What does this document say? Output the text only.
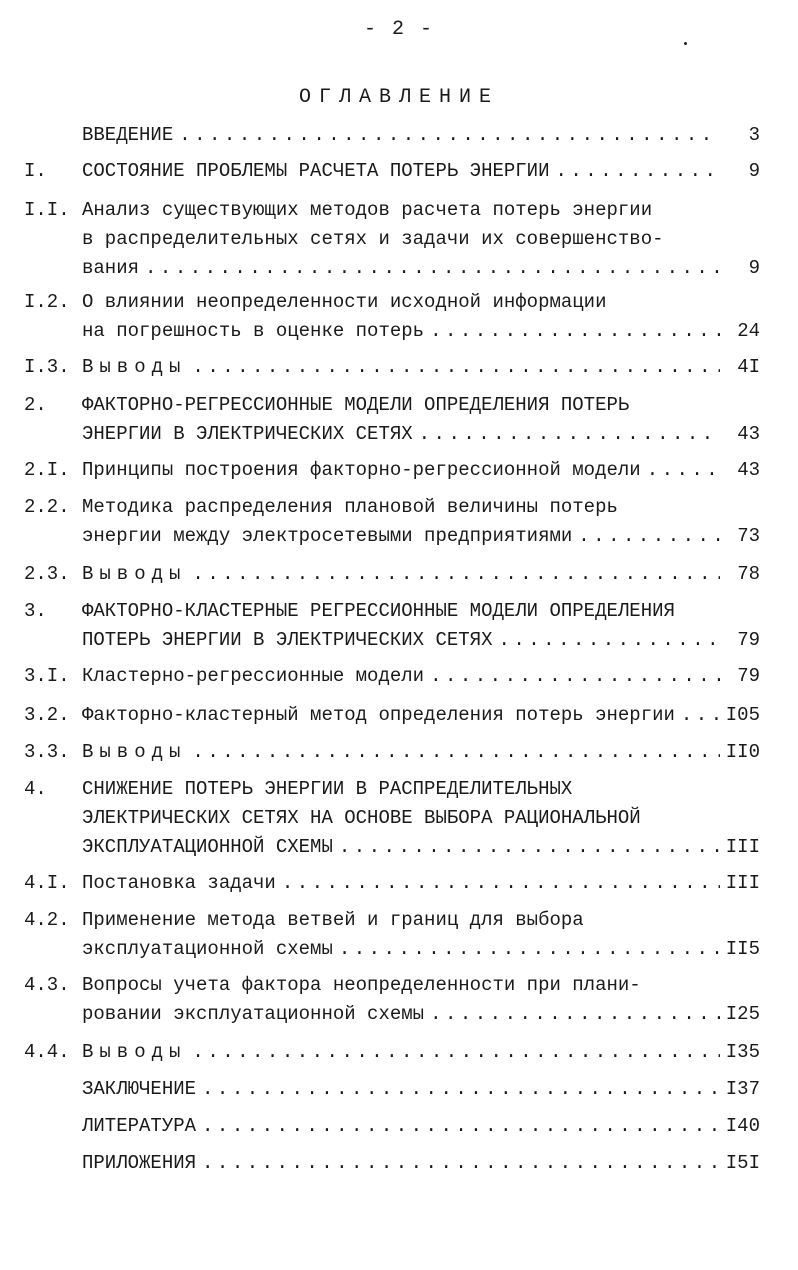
- 2 -
ОГЛАВЛЕНИЕ
ВВЕДЕНИЕ .....	3
I. СОСТОЯНИЕ ПРОБЛЕМЫ РАСЧЕТА ПОТЕРЬ ЭНЕРГИИ .....	9
I.I. Анализ существующих методов расчета потерь энергии
в распределительных сетях и задачи их совершенство-
вания .....	9
I.2. О влиянии неопределенности исходной информации
на погрешность в оценке потерь .....	24
I.3. Выводы .....	4I
2. ФАКТОРНО-РЕГРЕССИОННЫЕ МОДЕЛИ ОПРЕДЕЛЕНИЯ ПОТЕРЬ
ЭНЕРГИИ В ЭЛЕКТРИЧЕСКИХ СЕТЯХ .....	43
2.I. Принципы построения факторно-регрессионной модели .....	43
2.2. Методика распределения плановой величины потерь
энергии между электросетевыми предприятиями .....	73
2.3. Выводы .....	78
3. ФАКТОРНО-КЛАСТЕРНЫЕ РЕГРЕССИОННЫЕ МОДЕЛИ ОПРЕДЕЛЕНИЯ
ПОТЕРЬ ЭНЕРГИИ В ЭЛЕКТРИЧЕСКИХ СЕТЯХ .....	79
3.I. Кластерно-регрессионные модели .....	79
3.2. Факторно-кластерный метод определения потерь энергии .....	I05
3.3. Выводы .....	II0
4. СНИЖЕНИЕ ПОТЕРЬ ЭНЕРГИИ В РАСПРЕДЕЛИТЕЛЬНЫХ
ЭЛЕКТРИЧЕСКИХ СЕТЯХ НА ОСНОВЕ ВЫБОРА РАЦИОНАЛЬНОЙ
ЭКСПЛУАТАЦИОННОЙ СХЕМЫ .....	III
4.I. Постановка задачи .....	III
4.2. Применение метода ветвей и границ для выбора
эксплуатационной схемы .....	II5
4.3. Вопросы учета фактора неопределенности при плани-
ровании эксплуатационной схемы .....	I25
4.4. Выводы .....	I35
ЗАКЛЮЧЕНИЕ .....	I37
ЛИТЕРАТУРА .....	I40
ПРИЛОЖЕНИЯ .....	I5I
